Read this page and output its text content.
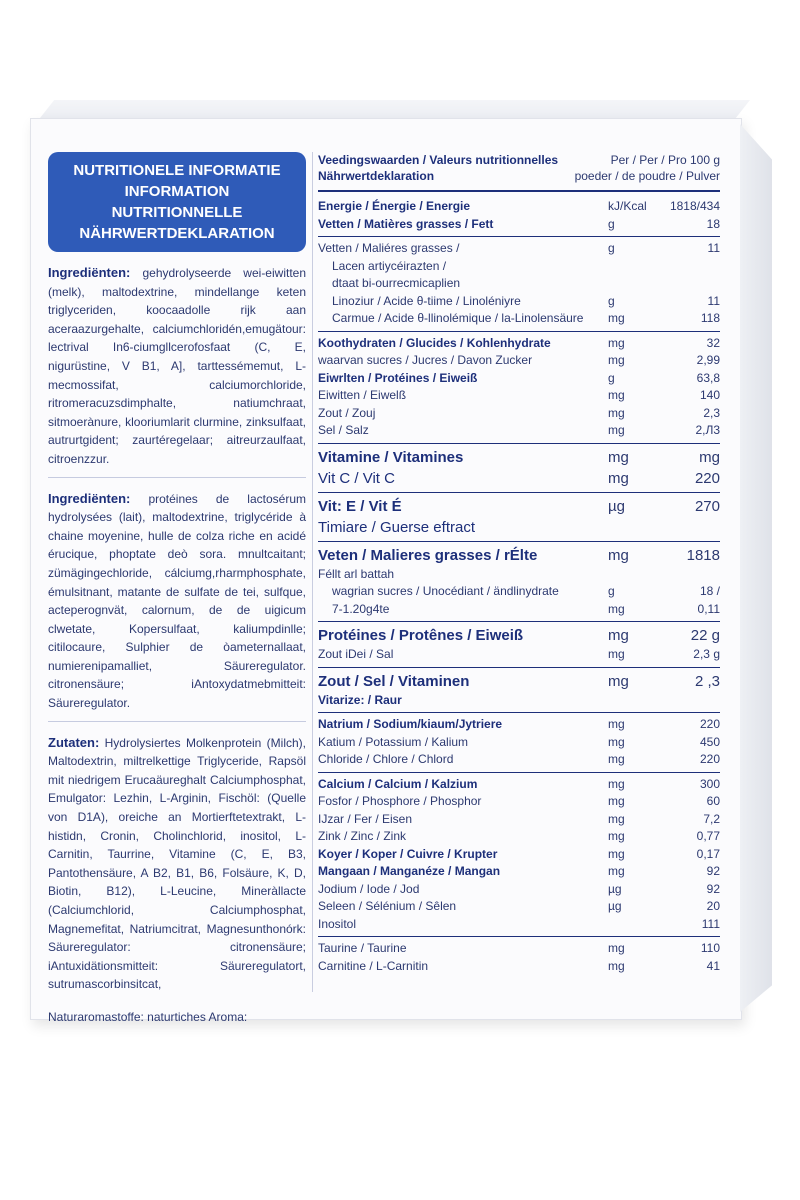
NUTRITIONELE INFORMATIE
INFORMATION NUTRITIONNELLE
NÄHRWERTDEKLARATION
Ingrediënten: gehydrolyseerde wei-eiwitten (melk), maltodextrine, mindellange keten triglyceriden, koocaadolle rijk aan aceraazurgehalte, calciumchloridén,emugätour: lectrival In6-ciumgllcerofosfaat (C, E, nigurüstine, V B1, A], tarttessémemut, L-mecmossifat, calciumorchloride, ritromeracuzsdimphalte, natiumchraat, sitmoerànure, klooriumlarit clurmine, zinksulfaat, autrurtgident; zaurtéregelaar; aitreurzaulfaat, citroenzzur.
Ingrediënten: protéines de lactosérum hydrolysées (lait), maltodextrine, triglycéride à chaine moyenine, hulle de colza riche en acidé érucique, phoptate deò sora. mnultcaitant; zümägingechloride, cálciumg,rharmphosphate, émulsitnant, matante de sulfate de tei, sulfque, acteperognvät, calornum, de de uigicum clwetate, Kopersulfaat, kaliumpdinlle; citilocaure, Sulphier de òameternallaat, numierenipamalliet, Säureregulator. citronensäure; iAntoxydatmebmitteit: Säureregulator.
Zutaten: Hydrolysiertes Molkenprotein (Milch), Maltodextrin, miltrelkettige Triglyceride, Rapsöl mit niedrigem Erucaäureghalt Calciumphosphat, Emulgator: Lezhin, L-Arginin, Fischöl: (Quelle von D1A), oreiche an Mortierftetextrakt, L-histidn, Cronin, Cholinchlorid, inositol, L-Carnitin, Taurrine, Vitamine (C, E, B3, Pantothensäure, A B2, B1, B6, Folsäure, K, D, Biotin, B12), L-Leucine, Mineràllacte (Calciumchlorid, Calciumphosphat, Magnemefitat, Natriumcitrat, Magnesunthonórk: Säureregulator: citronensäure; iAntuxidätionsmitteit: Säureregulatort, sutrumascorbinsitcat,
Naturaromastoffe: naturtiches Aroma:
Veedingswaarden / Valeurs nutritionnelles
Nährwertdeklaration
Per / Per / Pro 100 g
poeder / de poudre / Pulver
Energie / Énergie / Energie	kJ/Kcal	1818/434
Vetten / Matières grasses / Fett	g	18
Vetten / Maliéres grasses /	g	11
Lacen artiycéirazten /
dtaat bi-ourrecmicaplien
Linoziur / Acide θ-tiime / Linoléniyre	g	11
Carmue / Acide θ-llinolémique / la-Linolensäure	mg	118
Koothydraten / Glucides / Kohlenhydrate	mg	32
waarvan sucres / Jucres / Davon Zucker	mg	2,99
Eiwrlten / Protéines / Eiweiß	g	63,8
Eiwitten / Eiwelß	mg	140
Zout / Zouj	mg	2,3
Sel / Salz	mg	2,Л3
Vitamine / Vitamines	mg	mg
Vit C / Vit C	mg	220
Vit: E / Vit É	µg	270
Timiare / Guerse eftract
Veten / Malieres grasses / rÉlte	mg	1818
Féllt arl battah
wagrian sucres / Unocédiant / ändlinydrate	g	18 /
7-1.20g4te	mg	0,11
Protéines / Protênes / Eiweiß	mg	22 g
Zout iDei / Sal	mg	2,3 g
Zout / Sel / Vitaminen	mg	2 ,3
Vitarize: / Raur
Natrium / Sodium/kiaum/Jytriere	mg	220
Katium / Potassium / Kalium	mg	450
Chloride / Chlore / Chlord	mg	220
Calcium / Calcium / Kalzium	mg	300
Fosfor / Phosphore / Phosphor	mg	60
IJzar / Fer / Eisen	mg	7,2
Zink / Zinc / Zink	mg	0,77
Koyer / Koper / Cuivre / Krupter	mg	0,17
Mangaan / Manganéze / Mangan	mg	92
Jodium / Iode / Jod	µg	92
Seleen / Sélénium / Sêlen	µg	20
Inositol	111
Taurine / Taurine	mg	110
Carnitine / L-Carnitin	mg	41
